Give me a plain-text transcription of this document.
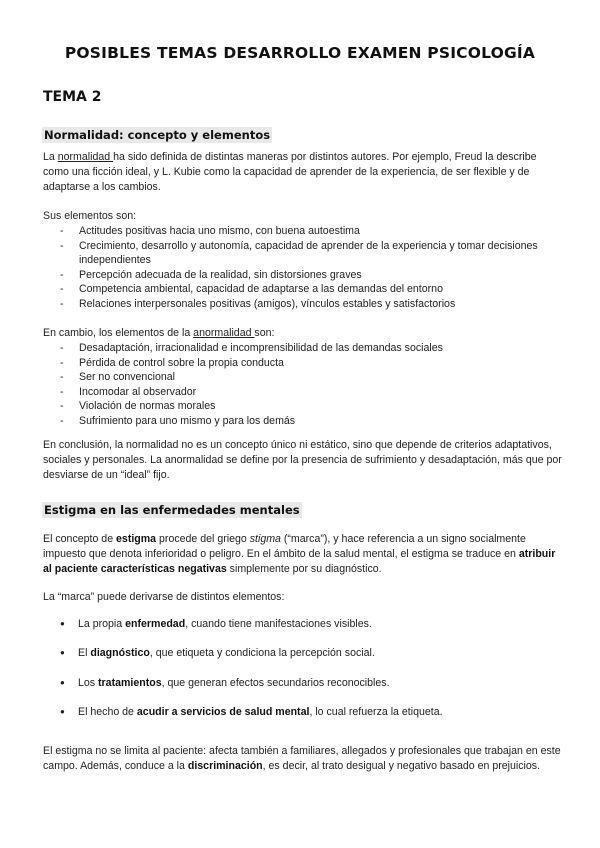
POSIBLES TEMAS DESARROLLO EXAMEN PSICOLOGÍA
TEMA 2
Normalidad: concepto y elementos

La normalidad ha sido definida de distintas maneras por distintos autores. Por ejemplo, Freud la describe como una ficción ideal, y L. Kubie como la capacidad de aprender de la experiencia, de ser flexible y de adaptarse a los cambios.

Sus elementos son:

- Actitudes positivas hacia uno mismo, con buena autoestima
- Crecimiento, desarrollo y autonomía, capacidad de aprender de la experiencia y tomar decisiones independientes
- Percepción adecuada de la realidad, sin distorsiones graves
- Competencia ambiental, capacidad de adaptarse a las demandas del entorno
- Relaciones interpersonales positivas (amigos), vínculos estables y satisfactorios

En cambio, los elementos de la anormalidad son:

- Desadaptación, irracionalidad e incomprensibilidad de las demandas sociales
- Pérdida de control sobre la propia conducta
- Ser no convencional
- Incomodar al observador
- Violación de normas morales
- Sufrimiento para uno mismo y para los demás

En conclusión, la normalidad no es un concepto único ni estático, sino que depende de criterios adaptativos, sociales y personales. La anormalidad se define por la presencia de sufrimiento y desadaptación, más que por desviarse de un “ideal” fijo.

Estigma en las enfermedades mentales

El concepto de estigma procede del griego stigma (“marca”), y hace referencia a un signo socialmente impuesto que denota inferioridad o peligro. En el ámbito de la salud mental, el estigma se traduce en atribuir al paciente características negativas simplemente por su diagnóstico.

La “marca” puede derivarse de distintos elementos:

● La propia enfermedad, cuando tiene manifestaciones visibles.
● El diagnóstico, que etiqueta y condiciona la percepción social.
● Los tratamientos, que generan efectos secundarios reconocibles.
● El hecho de acudir a servicios de salud mental, lo cual refuerza la etiqueta.

El estigma no se limita al paciente: afecta también a familiares, allegados y profesionales que trabajan en este campo. Además, conduce a la discriminación, es decir, al trato desigual y negativo basado en prejuicios.
